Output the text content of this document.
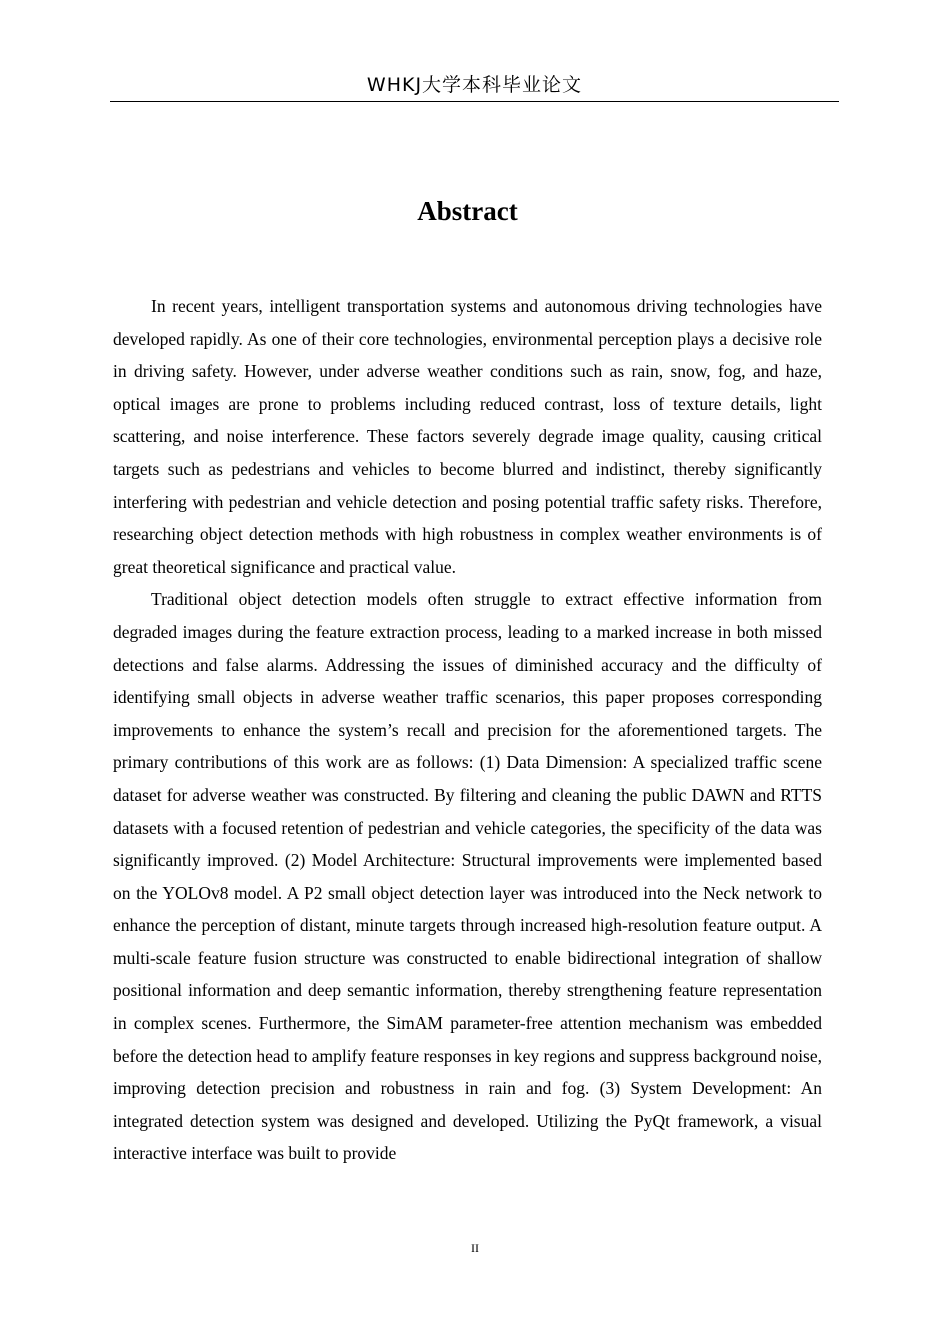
WHKJ大学本科毕业论文
Abstract

In recent years, intelligent transportation systems and autonomous driving technologies have developed rapidly. As one of their core technologies, environmental perception plays a decisive role in driving safety. However, under adverse weather conditions such as rain, snow, fog, and haze, optical images are prone to problems including reduced contrast, loss of texture details, light scattering, and noise interference. These factors severely degrade image quality, causing critical targets such as pedestrians and vehicles to become blurred and indistinct, thereby significantly interfering with pedestrian and vehicle detection and posing potential traffic safety risks. Therefore, researching object detection methods with high robustness in complex weather environments is of great theoretical significance and practical value.

Traditional object detection models often struggle to extract effective information from degraded images during the feature extraction process, leading to a marked increase in both missed detections and false alarms. Addressing the issues of diminished accuracy and the difficulty of identifying small objects in adverse weather traffic scenarios, this paper proposes corresponding improvements to enhance the system’s recall and precision for the aforementioned targets. The primary contributions of this work are as follows: (1) Data Dimension: A specialized traffic scene dataset for adverse weather was constructed. By filtering and cleaning the public DAWN and RTTS datasets with a focused retention of pedestrian and vehicle categories, the specificity of the data was significantly improved. (2) Model Architecture: Structural improvements were implemented based on the YOLOv8 model. A P2 small object detection layer was introduced into the Neck network to enhance the perception of distant, minute targets through increased high-resolution feature output. A multi-scale feature fusion structure was constructed to enable bidirectional integration of shallow positional information and deep semantic information, thereby strengthening feature representation in complex scenes. Furthermore, the SimAM parameter-free attention mechanism was embedded before the detection head to amplify feature responses in key regions and suppress background noise, improving detection precision and robustness in rain and fog. (3) System Development: An integrated detection system was designed and developed. Utilizing the PyQt framework, a visual interactive interface was built to provide

II
